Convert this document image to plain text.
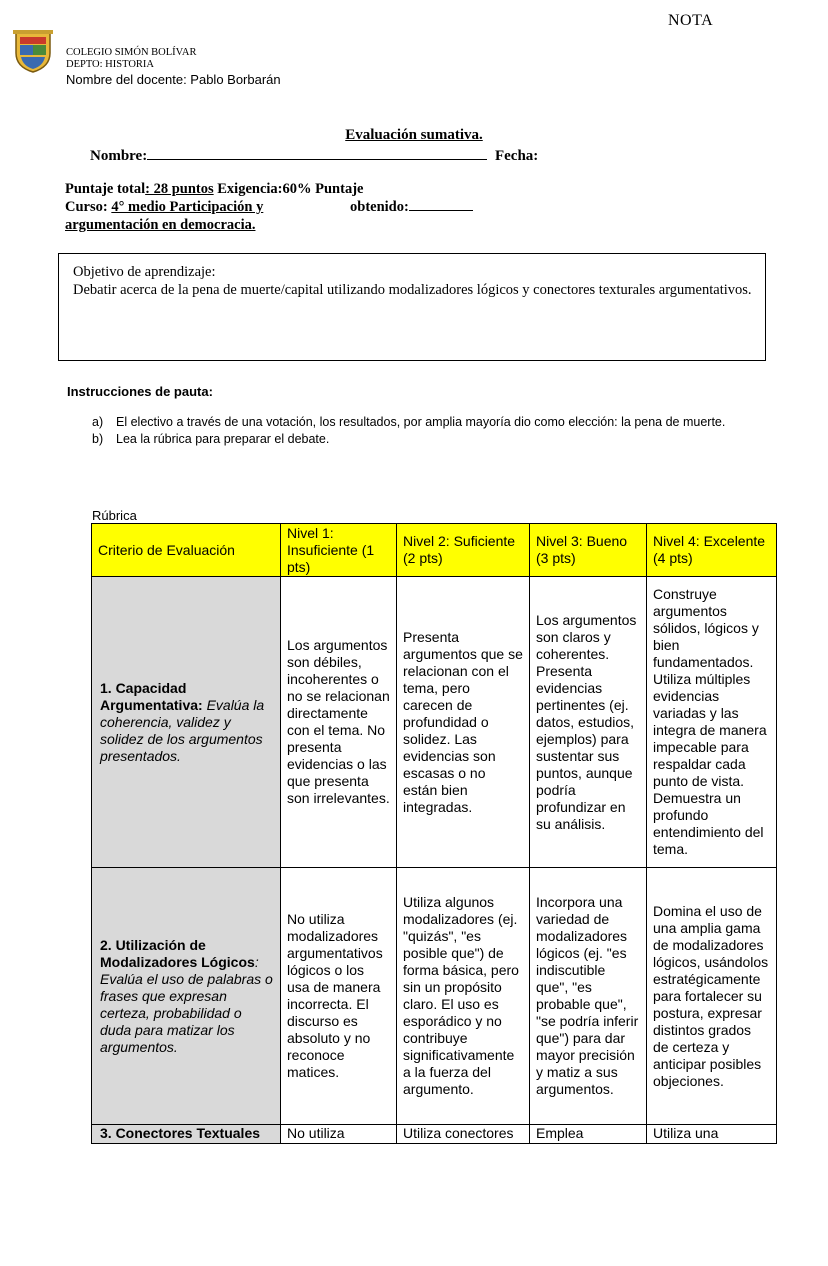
NOTA
COLEGIO SIMÓN BOLÍVAR
DEPTO: HISTORIA
Nombre del docente: Pablo Borbarán
Evaluación sumativa.
Nombre:	Fecha:
Puntaje total: 28 puntos Exigencia:60% Puntaje
Curso: 4° medio Participación y
argumentación en democracia.
obtenido:
Objetivo de aprendizaje:
Debatir acerca de la pena de muerte/capital utilizando modalizadores lógicos y conectores texturales argumentativos.
Instrucciones de pauta:
a)	El electivo a través de una votación, los resultados, por amplia mayoría dio como elección: la pena de muerte.
b)	Lea la rúbrica para preparar el debate.
Rúbrica
Criterio de Evaluación	Nivel 1: Insuficiente (1 pts)	Nivel 2: Suficiente (2 pts)	Nivel 3: Bueno (3 pts)	Nivel 4: Excelente (4 pts)
1. Capacidad Argumentativa: Evalúa la coherencia, validez y solidez de los argumentos presentados.	Los argumentos son débiles, incoherentes o no se relacionan directamente con el tema. No presenta evidencias o las que presenta son irrelevantes.	Presenta argumentos que se relacionan con el tema, pero carecen de profundidad o solidez. Las evidencias son escasas o no están bien integradas.	Los argumentos son claros y coherentes. Presenta evidencias pertinentes (ej. datos, estudios, ejemplos) para sustentar sus puntos, aunque podría profundizar en su análisis.	Construye argumentos sólidos, lógicos y bien fundamentados. Utiliza múltiples evidencias variadas y las integra de manera impecable para respaldar cada punto de vista. Demuestra un profundo entendimiento del tema.
2. Utilización de Modalizadores Lógicos: Evalúa el uso de palabras o frases que expresan certeza, probabilidad o duda para matizar los argumentos.	No utiliza modalizadores argumentativos lógicos o los usa de manera incorrecta. El discurso es absoluto y no reconoce matices.	Utiliza algunos modalizadores (ej. "quizás", "es posible que") de forma básica, pero sin un propósito claro. El uso es esporádico y no contribuye significativamente a la fuerza del argumento.	Incorpora una variedad de modalizadores lógicos (ej. "es indiscutible que", "es probable que", "se podría inferir que") para dar mayor precisión y matiz a sus argumentos.	Domina el uso de una amplia gama de modalizadores lógicos, usándolos estratégicamente para fortalecer su postura, expresar distintos grados de certeza y anticipar posibles objeciones.
3. Conectores Textuales	No utiliza	Utiliza conectores	Emplea	Utiliza una
